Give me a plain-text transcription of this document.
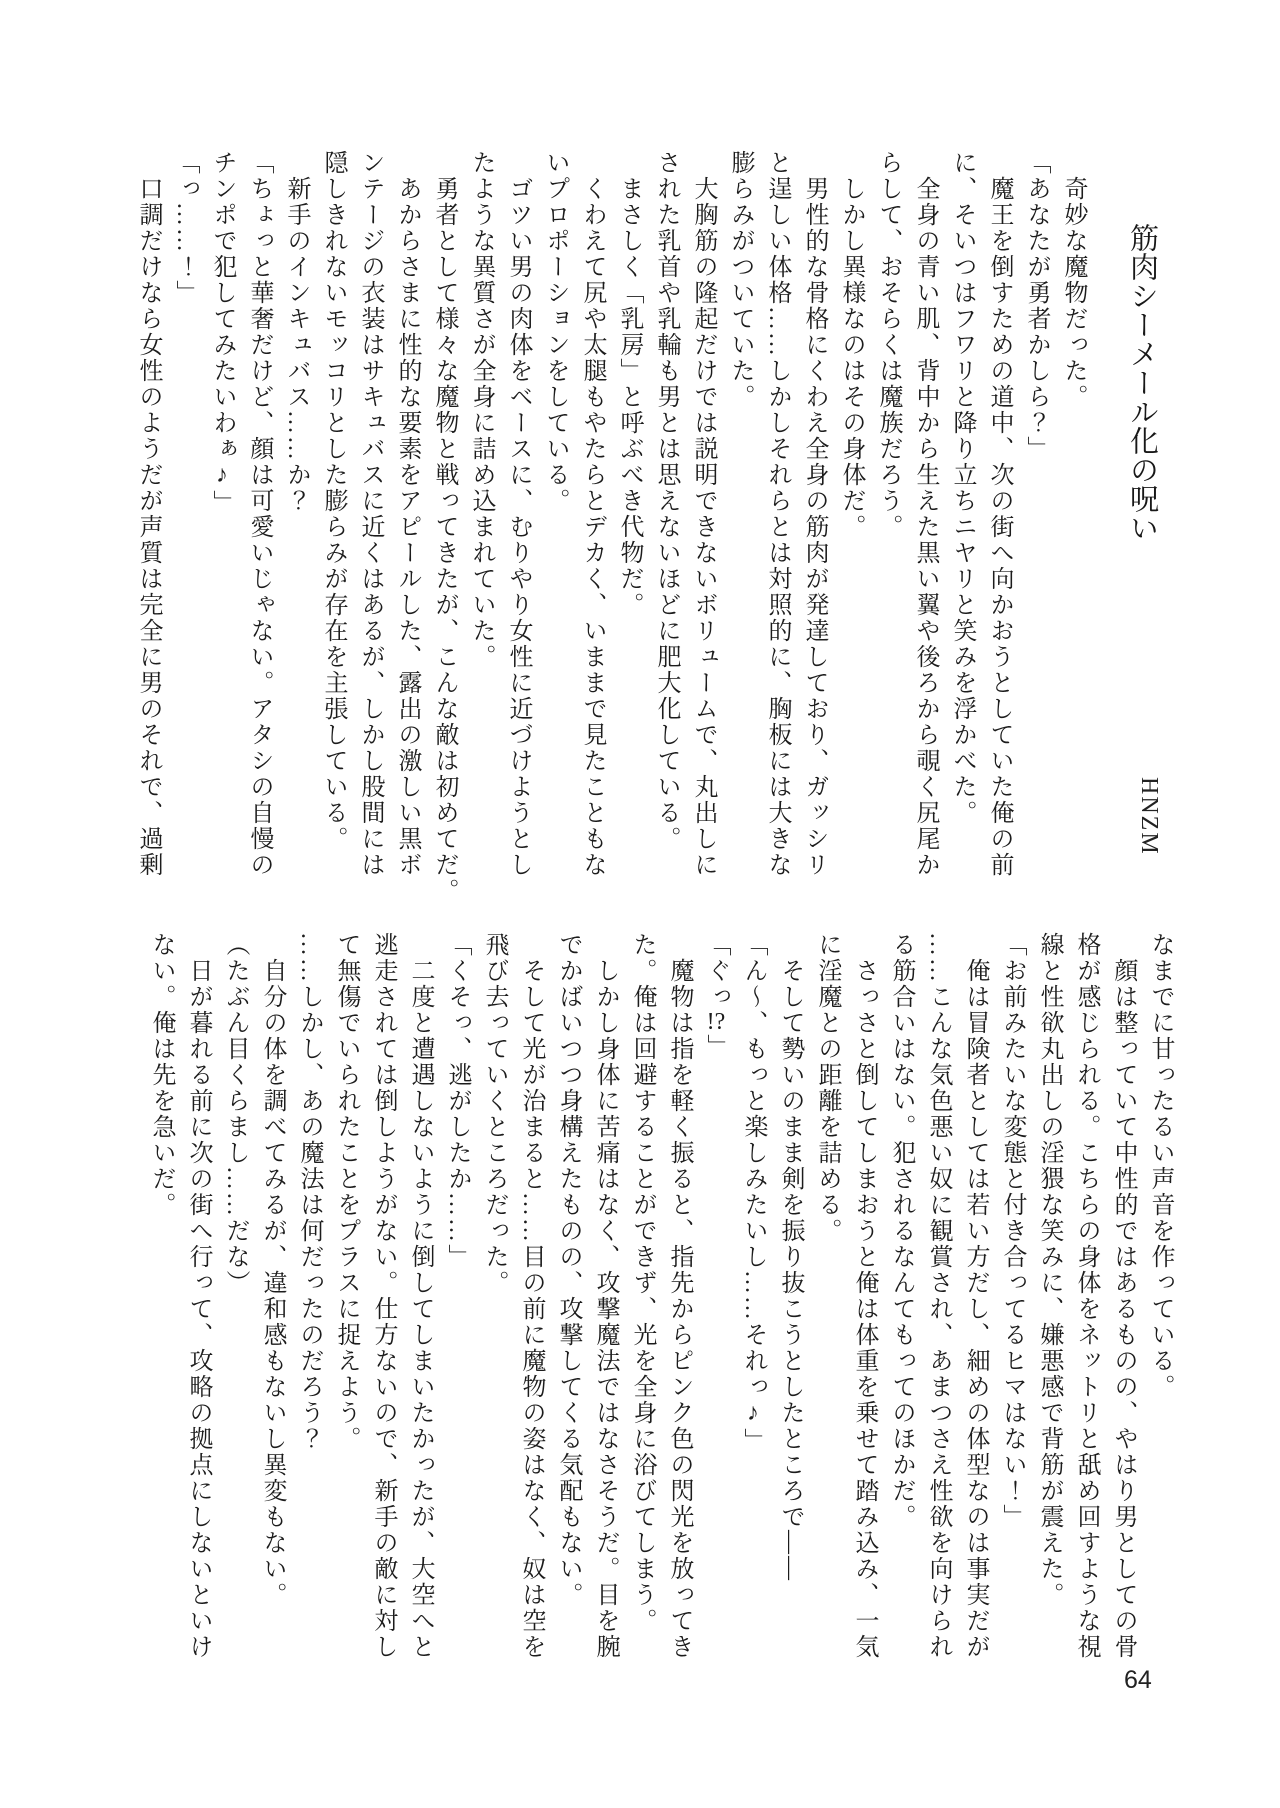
筋肉シーメール化の呪い
HNZM
　奇妙な魔物だった。
「あなたが勇者かしら？」
　魔王を倒すための道中、次の街へ向かおうとしていた俺の前
に、そいつはフワリと降り立ちニヤリと笑みを浮かべた。
　全身の青い肌、背中から生えた黒い翼や後ろから覗く尻尾か
らして、おそらくは魔族だろう。
　しかし異様なのはその身体だ。
　男性的な骨格にくわえ全身の筋肉が発達しており、ガッシリ
と逞しい体格……しかしそれらとは対照的に、胸板には大きな
膨らみがついていた。
　大胸筋の隆起だけでは説明できないボリュームで、丸出しに
された乳首や乳輪も男とは思えないほどに肥大化している。
　まさしく「乳房」と呼ぶべき代物だ。
　くわえて尻や太腿もやたらとデカく、いままで見たこともな
いプロポーションをしている。
　ゴツい男の肉体をベースに、むりやり女性に近づけようとし
たような異質さが全身に詰め込まれていた。
　勇者として様々な魔物と戦ってきたが、こんな敵は初めてだ。
　あからさまに性的な要素をアピールした、露出の激しい黒ボ
ンテージの衣装はサキュバスに近くはあるが、しかし股間には
隠しきれないモッコリとした膨らみが存在を主張している。
　新手のインキュバス……か？
「ちょっと華奢だけど、顔は可愛いじゃない。アタシの自慢の
チンポで犯してみたいわぁ♪」
「っ……！」
　口調だけなら女性のようだが声質は完全に男のそれで、過剰
なまでに甘ったるい声音を作っている。
　顔は整っていて中性的ではあるものの、やはり男としての骨
格が感じられる。こちらの身体をネットリと舐め回すような視
線と性欲丸出しの淫猥な笑みに、嫌悪感で背筋が震えた。
「お前みたいな変態と付き合ってるヒマはない！」
　俺は冒険者としては若い方だし、細めの体型なのは事実だが
……こんな気色悪い奴に観賞され、あまつさえ性欲を向けられ
る筋合いはない。犯されるなんてもってのほかだ。
　さっさと倒してしまおうと俺は体重を乗せて踏み込み、一気
に淫魔との距離を詰める。
　そして勢いのまま剣を振り抜こうとしたところで――
「ん〜、もっと楽しみたいし……それっ♪」
「ぐっ!?」
　魔物は指を軽く振ると、指先からピンク色の閃光を放ってき
た。俺は回避することができず、光を全身に浴びてしまう。
　しかし身体に苦痛はなく、攻撃魔法ではなさそうだ。目を腕
でかばいつつ身構えたものの、攻撃してくる気配もない。
　そして光が治まると……目の前に魔物の姿はなく、奴は空を
飛び去っていくところだった。
「くそっ、逃がしたか……」
　二度と遭遇しないように倒してしまいたかったが、大空へと
逃走されては倒しようがない。仕方ないので、新手の敵に対し
て無傷でいられたことをプラスに捉えよう。
……しかし、あの魔法は何だったのだろう？
　自分の体を調べてみるが、違和感もないし異変もない。
（たぶん目くらまし……だな）
　日が暮れる前に次の街へ行って、攻略の拠点にしないといけ
ない。俺は先を急いだ。
64
